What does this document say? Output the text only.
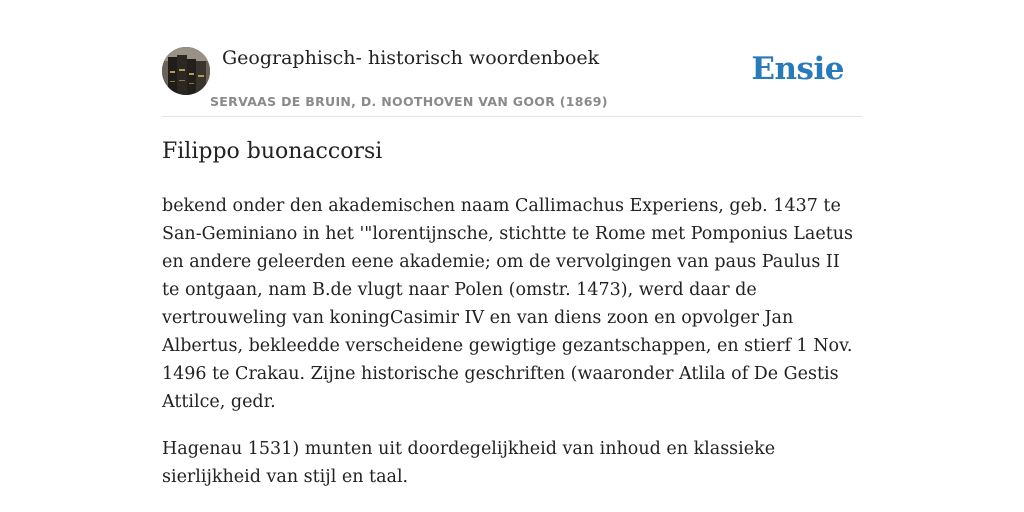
Geographisch- historisch woordenboek
SERVAAS DE BRUIN, D. NOOTHOVEN VAN GOOR (1869)
Ensie
Filippo buonaccorsi

bekend onder den akademischen naam Callimachus Experiens, geb. 1437 te San-Geminiano in het '"lorentijnsche, stichtte te Rome met Pomponius Laetus en andere geleerden eene akademie; om de vervolgingen van paus Paulus II te ontgaan, nam B.de vlugt naar Polen (omstr. 1473), werd daar de vertrouweling van koningCasimir IV en van diens zoon en opvolger Jan Albertus, bekleedde verscheidene gewigtige gezantschappen, en stierf 1 Nov. 1496 te Crakau. Zijne historische geschriften (waaronder Atlila of De Gestis Attilce, gedr.

Hagenau 1531) munten uit doordegelijkheid van inhoud en klassieke sierlijkheid van stijl en taal.
